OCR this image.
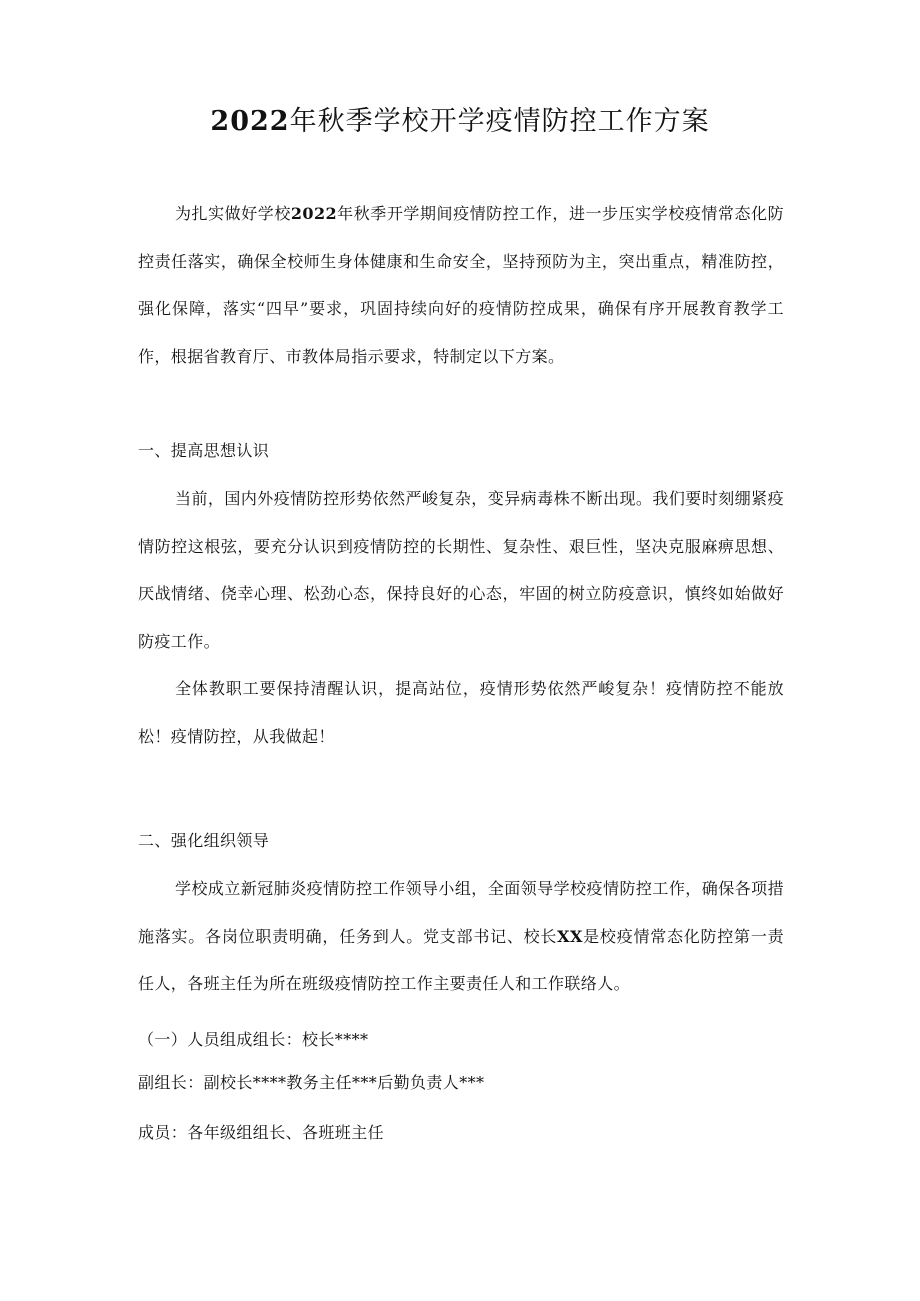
2022年秋季学校开学疫情防控工作方案

为扎实做好学校2022年秋季开学期间疫情防控工作，进一步压实学校疫情常态化防控责任落实，确保全校师生身体健康和生命安全，坚持预防为主，突出重点，精准防控，强化保障，落实“四早”要求，巩固持续向好的疫情防控成果，确保有序开展教育教学工作，根据省教育厅、市教体局指示要求，特制定以下方案。

一、提高思想认识

当前，国内外疫情防控形势依然严峻复杂，变异病毒株不断出现。我们要时刻绷紧疫情防控这根弦，要充分认识到疫情防控的长期性、复杂性、艰巨性，坚决克服麻痹思想、厌战情绪、侥幸心理、松劲心态，保持良好的心态，牢固的树立防疫意识，慎终如始做好防疫工作。

全体教职工要保持清醒认识，提高站位，疫情形势依然严峻复杂！疫情防控不能放松！疫情防控，从我做起！

二、强化组织领导

学校成立新冠肺炎疫情防控工作领导小组，全面领导学校疫情防控工作，确保各项措施落实。各岗位职责明确，任务到人。党支部书记、校长XX是校疫情常态化防控第一责任人，各班主任为所在班级疫情防控工作主要责任人和工作联络人。

（一）人员组成组长：校长****

副组长：副校长****教务主任***后勤负责人***

成员：各年级组组长、各班班主任
